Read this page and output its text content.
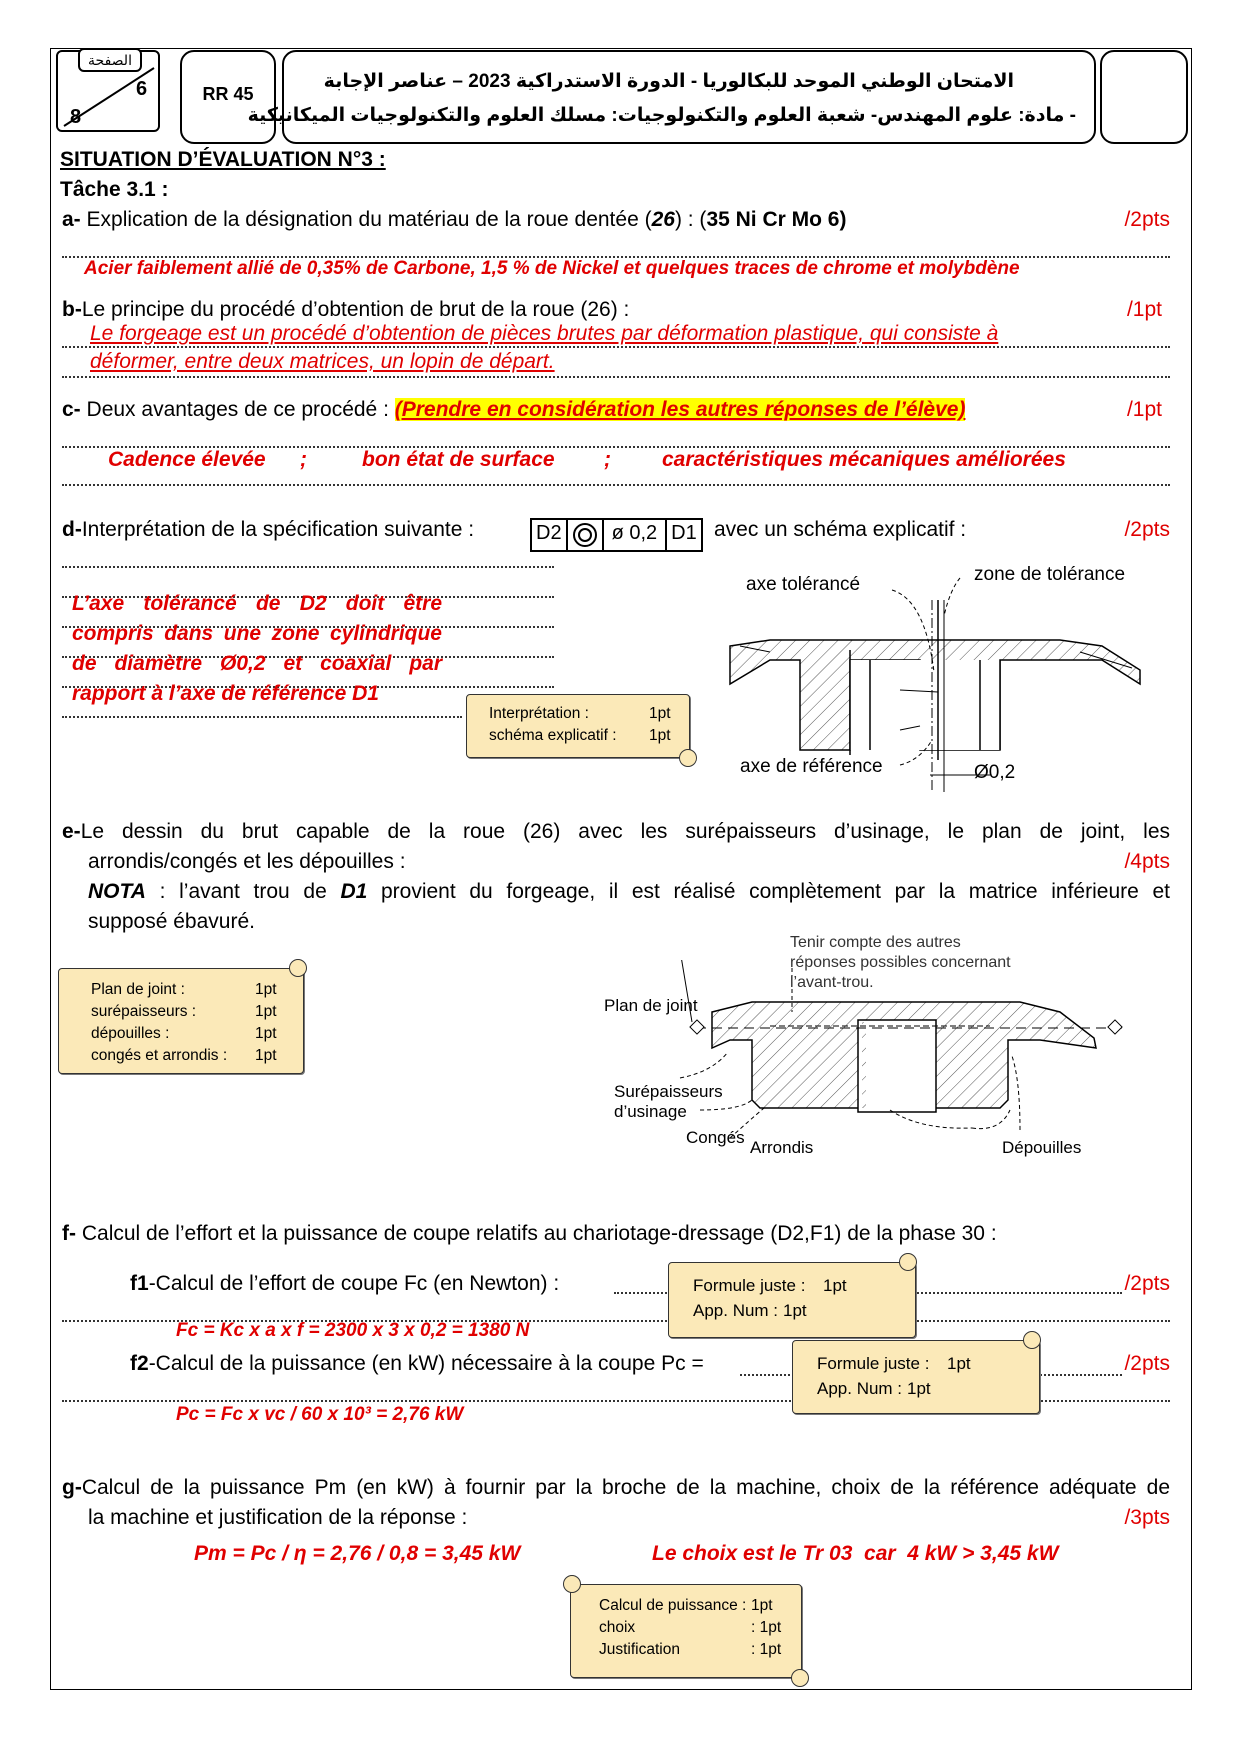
الصفحة
6
8
RR 45
الامتحان الوطني الموحد للبكالوريا - الدورة الاستدراكية 2023 – عناصر الإجابة
- مادة: علوم المهندس- شعبة العلوم والتكنولوجيات: مسلك العلوم والتكنولوجيات الميكانيكية
SITUATION D’ÉVALUATION N°3 :
Tâche 3.1 :
a- Explication de la désignation du matériau de la roue dentée (26) : (35 Ni Cr Mo 6)	/2pts
Acier faiblement allié de 0,35% de Carbone, 1,5 % de Nickel et quelques traces de chrome et molybdène
b-Le principe du procédé d’obtention de brut de la roue (26) :	/1pt
Le forgeage est un procédé d’obtention de pièces brutes par déformation plastique, qui consiste à
déformer, entre deux matrices, un lopin de départ.
c- Deux avantages de ce procédé : (Prendre en considération les autres réponses de l’élève)	/1pt
Cadence élevée ;	bon état de surface ; caractéristiques mécaniques améliorées
d-Interprétation de la spécification suivante :	D2	ø 0,2 D1 avec un schéma explicatif :	/2pts
L’axe tolérancé de D2 doit être
compris dans une zone cylindrique
de diamètre Ø0,2 et coaxial par
rapport à l’axe de référence D1
Interprétation :	1pt
schéma explicatif :	1pt
axe tolérancé	zone de tolérance
axe de référence	Ø0,2
e-Le dessin du brut capable de la roue (26) avec les surépaisseurs d’usinage, le plan de joint, les
arrondis/congés et les dépouilles :	/4pts
NOTA : l’avant trou de D1 provient du forgeage, il est réalisé complètement par la matrice inférieure et
supposé ébavuré.
Plan de joint :	1pt
surépaisseurs :	1pt
dépouilles :	1pt
congés et arrondis :	1pt
Tenir compte des autres
réponses possibles concernant
l’avant-trou.
Plan de joint
Surépaisseurs
d’usinage
Congés
Arrondis	Dépouilles
f- Calcul de l’effort et la puissance de coupe relatifs au chariotage-dressage (D2,F1) de la phase 30 :
f1-Calcul de l’effort de coupe Fc (en Newton) :	/2pts
Fc = Kc x a x f = 2300 x 3 x 0,2 = 1380 N
Formule juste :	1pt
App. Num : 1pt
f2-Calcul de la puissance (en kW) nécessaire à la coupe Pc =	/2pts
Pc = Fc x vc / 60 x 10³ = 2,76 kW
Formule juste :	1pt
App. Num : 1pt
g-Calcul de la puissance Pm (en kW) à fournir par la broche de la machine, choix de la référence adéquate de
la machine et justification de la réponse :	/3pts
Pm = Pc / η = 2,76 / 0,8 = 3,45 kW	Le choix est le Tr 03  car  4 kW > 3,45 kW
Calcul de puissance : 1pt
choix	: 1pt
Justification	: 1pt
